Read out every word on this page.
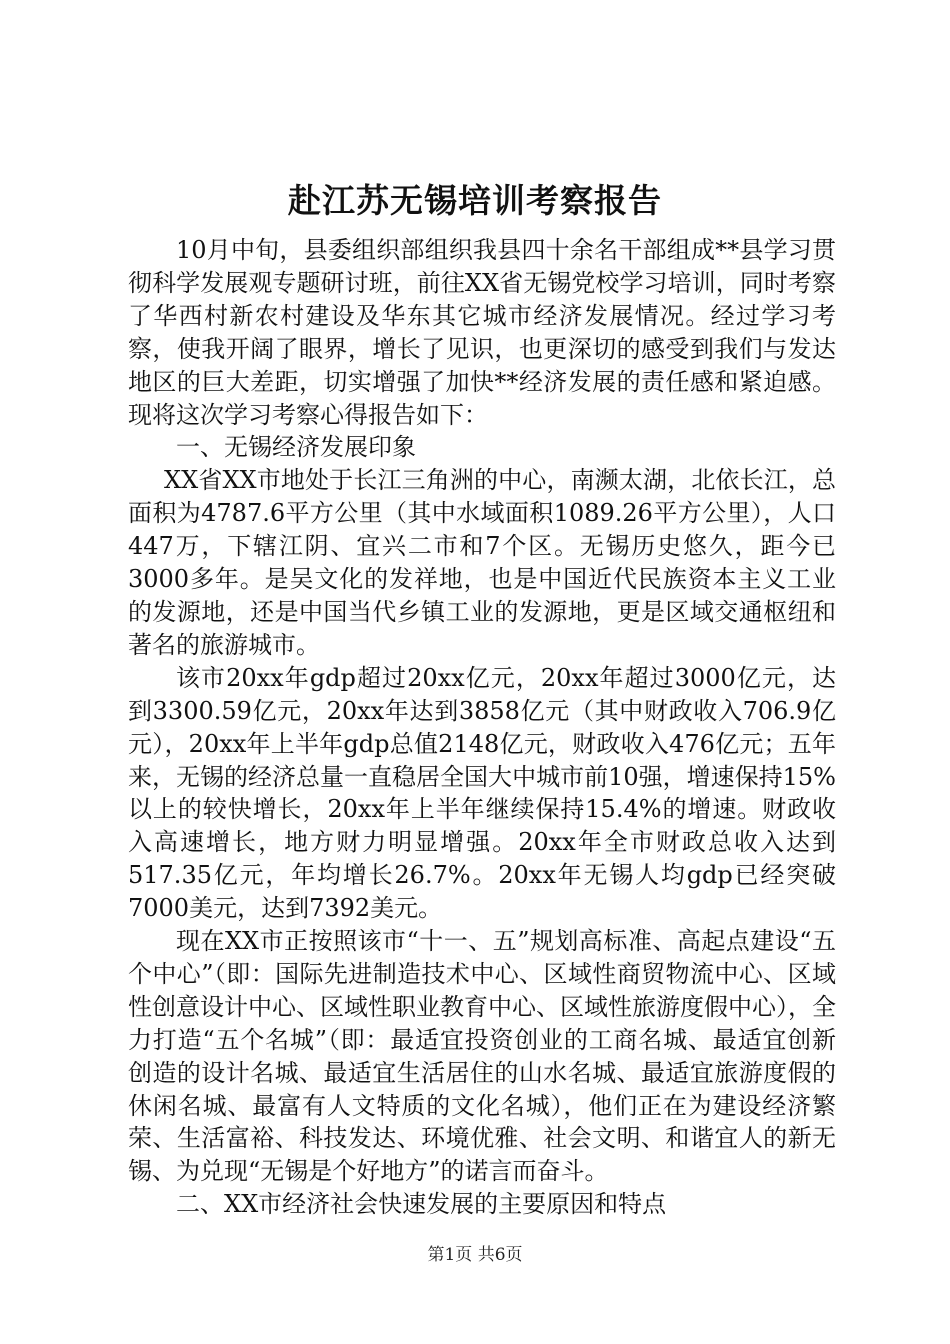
赴江苏无锡培训考察报告

10月中旬，县委组织部组织我县四十余名干部组成**县学习贯彻科学发展观专题研讨班，前往XX省无锡党校学习培训，同时考察了华西村新农村建设及华东其它城市经济发展情况。经过学习考察，使我开阔了眼界，增长了见识，也更深切的感受到我们与发达地区的巨大差距，切实增强了加快**经济发展的责任感和紧迫感。现将这次学习考察心得报告如下：

一、无锡经济发展印象

XX省XX市地处于长江三角洲的中心，南濒太湖，北依长江，总面积为4787.6平方公里（其中水域面积1089.26平方公里），人口447万，下辖江阴、宜兴二市和7个区。无锡历史悠久，距今已3000多年。是吴文化的发祥地，也是中国近代民族资本主义工业的发源地，还是中国当代乡镇工业的发源地，更是区域交通枢纽和著名的旅游城市。

该市20xx年gdp超过20xx亿元，20xx年超过3000亿元，达到3300.59亿元，20xx年达到3858亿元（其中财政收入706.9亿元），20xx年上半年gdp总值2148亿元，财政收入476亿元；五年来，无锡的经济总量一直稳居全国大中城市前10强，增速保持15%以上的较快增长，20xx年上半年继续保持15.4%的增速。财政收入高速增长，地方财力明显增强。20xx年全市财政总收入达到517.35亿元，年均增长26.7%。20xx年无锡人均gdp已经突破7000美元，达到7392美元。

现在XX市正按照该市“十一、五”规划高标准、高起点建设“五个中心”（即：国际先进制造技术中心、区域性商贸物流中心、区域性创意设计中心、区域性职业教育中心、区域性旅游度假中心），全力打造“五个名城”（即：最适宜投资创业的工商名城、最适宜创新创造的设计名城、最适宜生活居住的山水名城、最适宜旅游度假的休闲名城、最富有人文特质的文化名城），他们正在为建设经济繁荣、生活富裕、科技发达、环境优雅、社会文明、和谐宜人的新无锡、为兑现“无锡是个好地方”的诺言而奋斗。

二、XX市经济社会快速发展的主要原因和特点

第1页 共6页
